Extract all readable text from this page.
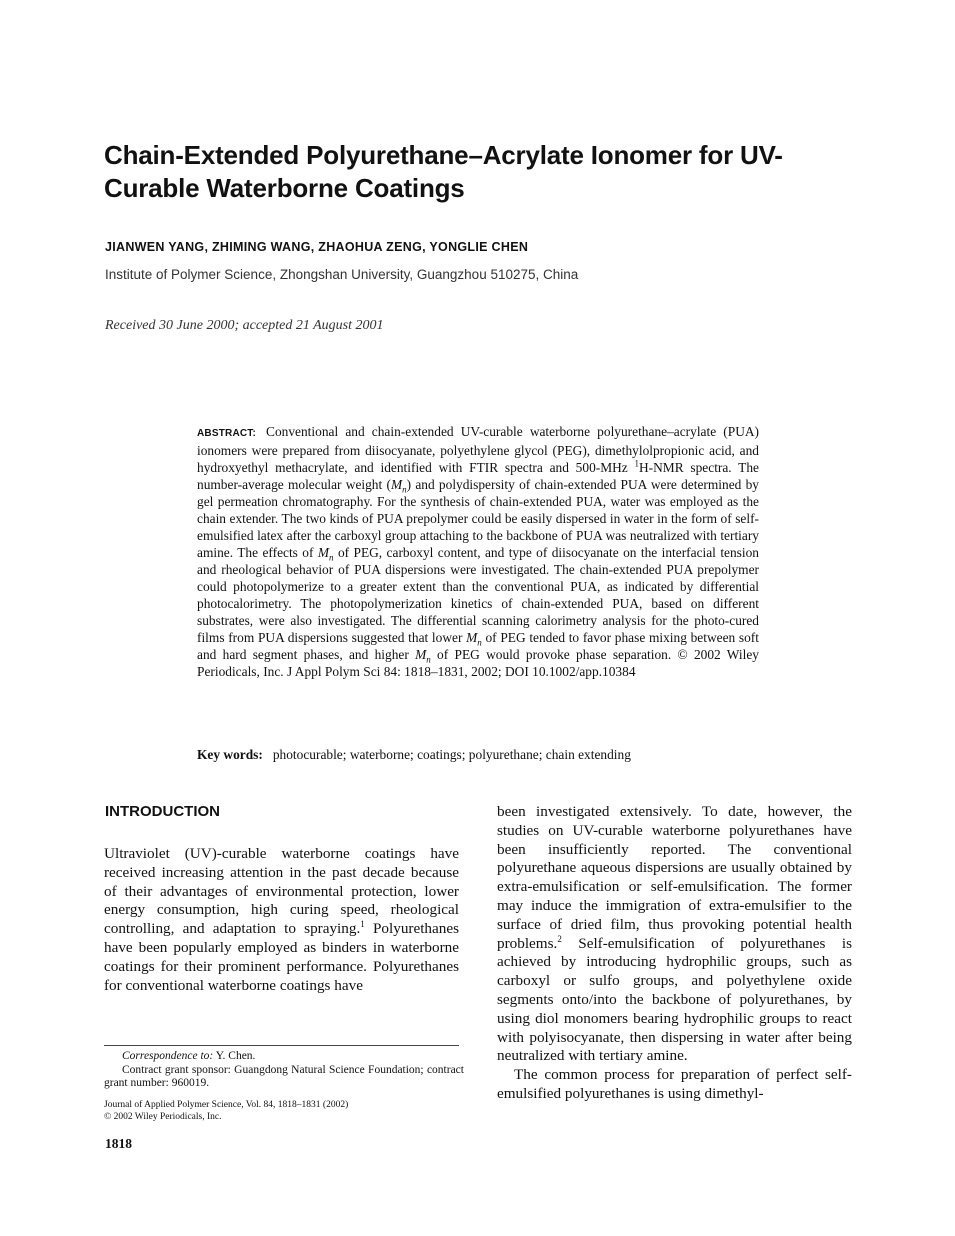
Chain-Extended Polyurethane–Acrylate Ionomer for UV-Curable Waterborne Coatings
JIANWEN YANG, ZHIMING WANG, ZHAOHUA ZENG, YONGLIE CHEN
Institute of Polymer Science, Zhongshan University, Guangzhou 510275, China
Received 30 June 2000; accepted 21 August 2001
ABSTRACT: Conventional and chain-extended UV-curable waterborne polyurethane–acrylate (PUA) ionomers were prepared from diisocyanate, polyethylene glycol (PEG), dimethylolpropionic acid, and hydroxyethyl methacrylate, and identified with FTIR spectra and 500-MHz $^1$H-NMR spectra. The number-average molecular weight $(M_n)$ and polydispersity of chain-extended PUA were determined by gel permeation chromatography. For the synthesis of chain-extended PUA, water was employed as the chain extender. The two kinds of PUA prepolymer could be easily dispersed in water in the form of self-emulsified latex after the carboxyl group attaching to the backbone of PUA was neutralized with tertiary amine. The effects of $M_n$ of PEG, carboxyl content, and type of diisocyanate on the interfacial tension and rheological behavior of PUA dispersions were investigated. The chain-extended PUA prepolymer could photopolymerize to a greater extent than the conventional PUA, as indicated by differential photocalorimetry. The photopolymerization kinetics of chain-extended PUA, based on different substrates, were also investigated. The differential scanning calorimetry analysis for the photo-cured films from PUA dispersions suggested that lower $M_n$ of PEG tended to favor phase mixing between soft and hard segment phases, and higher $M_n$ of PEG would provoke phase separation. © 2002 Wiley Periodicals, Inc. J Appl Polym Sci 84: 1818–1831, 2002; DOI 10.1002/app.10384
Key words: photocurable; waterborne; coatings; polyurethane; chain extending
INTRODUCTION

Ultraviolet (UV)-curable waterborne coatings have received increasing attention in the past decade because of their advantages of environmental protection, lower energy consumption, high curing speed, rheological controlling, and adaptation to spraying.$^1$ Polyurethanes have been popularly employed as binders in waterborne coatings for their prominent performance. Polyurethanes for conventional waterborne coatings have

Correspondence to: Y. Chen.

Contract grant sponsor: Guangdong Natural Science Foundation; contract grant number: 960019.

Journal of Applied Polymer Science, Vol. 84, 1818–1831 (2002)

© 2002 Wiley Periodicals, Inc.

1818

been investigated extensively. To date, however, the studies on UV-curable waterborne polyurethanes have been insufficiently reported. The conventional polyurethane aqueous dispersions are usually obtained by extra-emulsification or self-emulsification. The former may induce the immigration of extra-emulsifier to the surface of dried film, thus provoking potential health problems.$^2$ Self-emulsification of polyurethanes is achieved by introducing hydrophilic groups, such as carboxyl or sulfo groups, and polyethylene oxide segments onto/into the backbone of polyurethanes, by using diol monomers bearing hydrophilic groups to react with polyisocyanate, then dispersing in water after being neutralized with tertiary amine.

The common process for preparation of perfect self-emulsified polyurethanes is using dimethyl-
